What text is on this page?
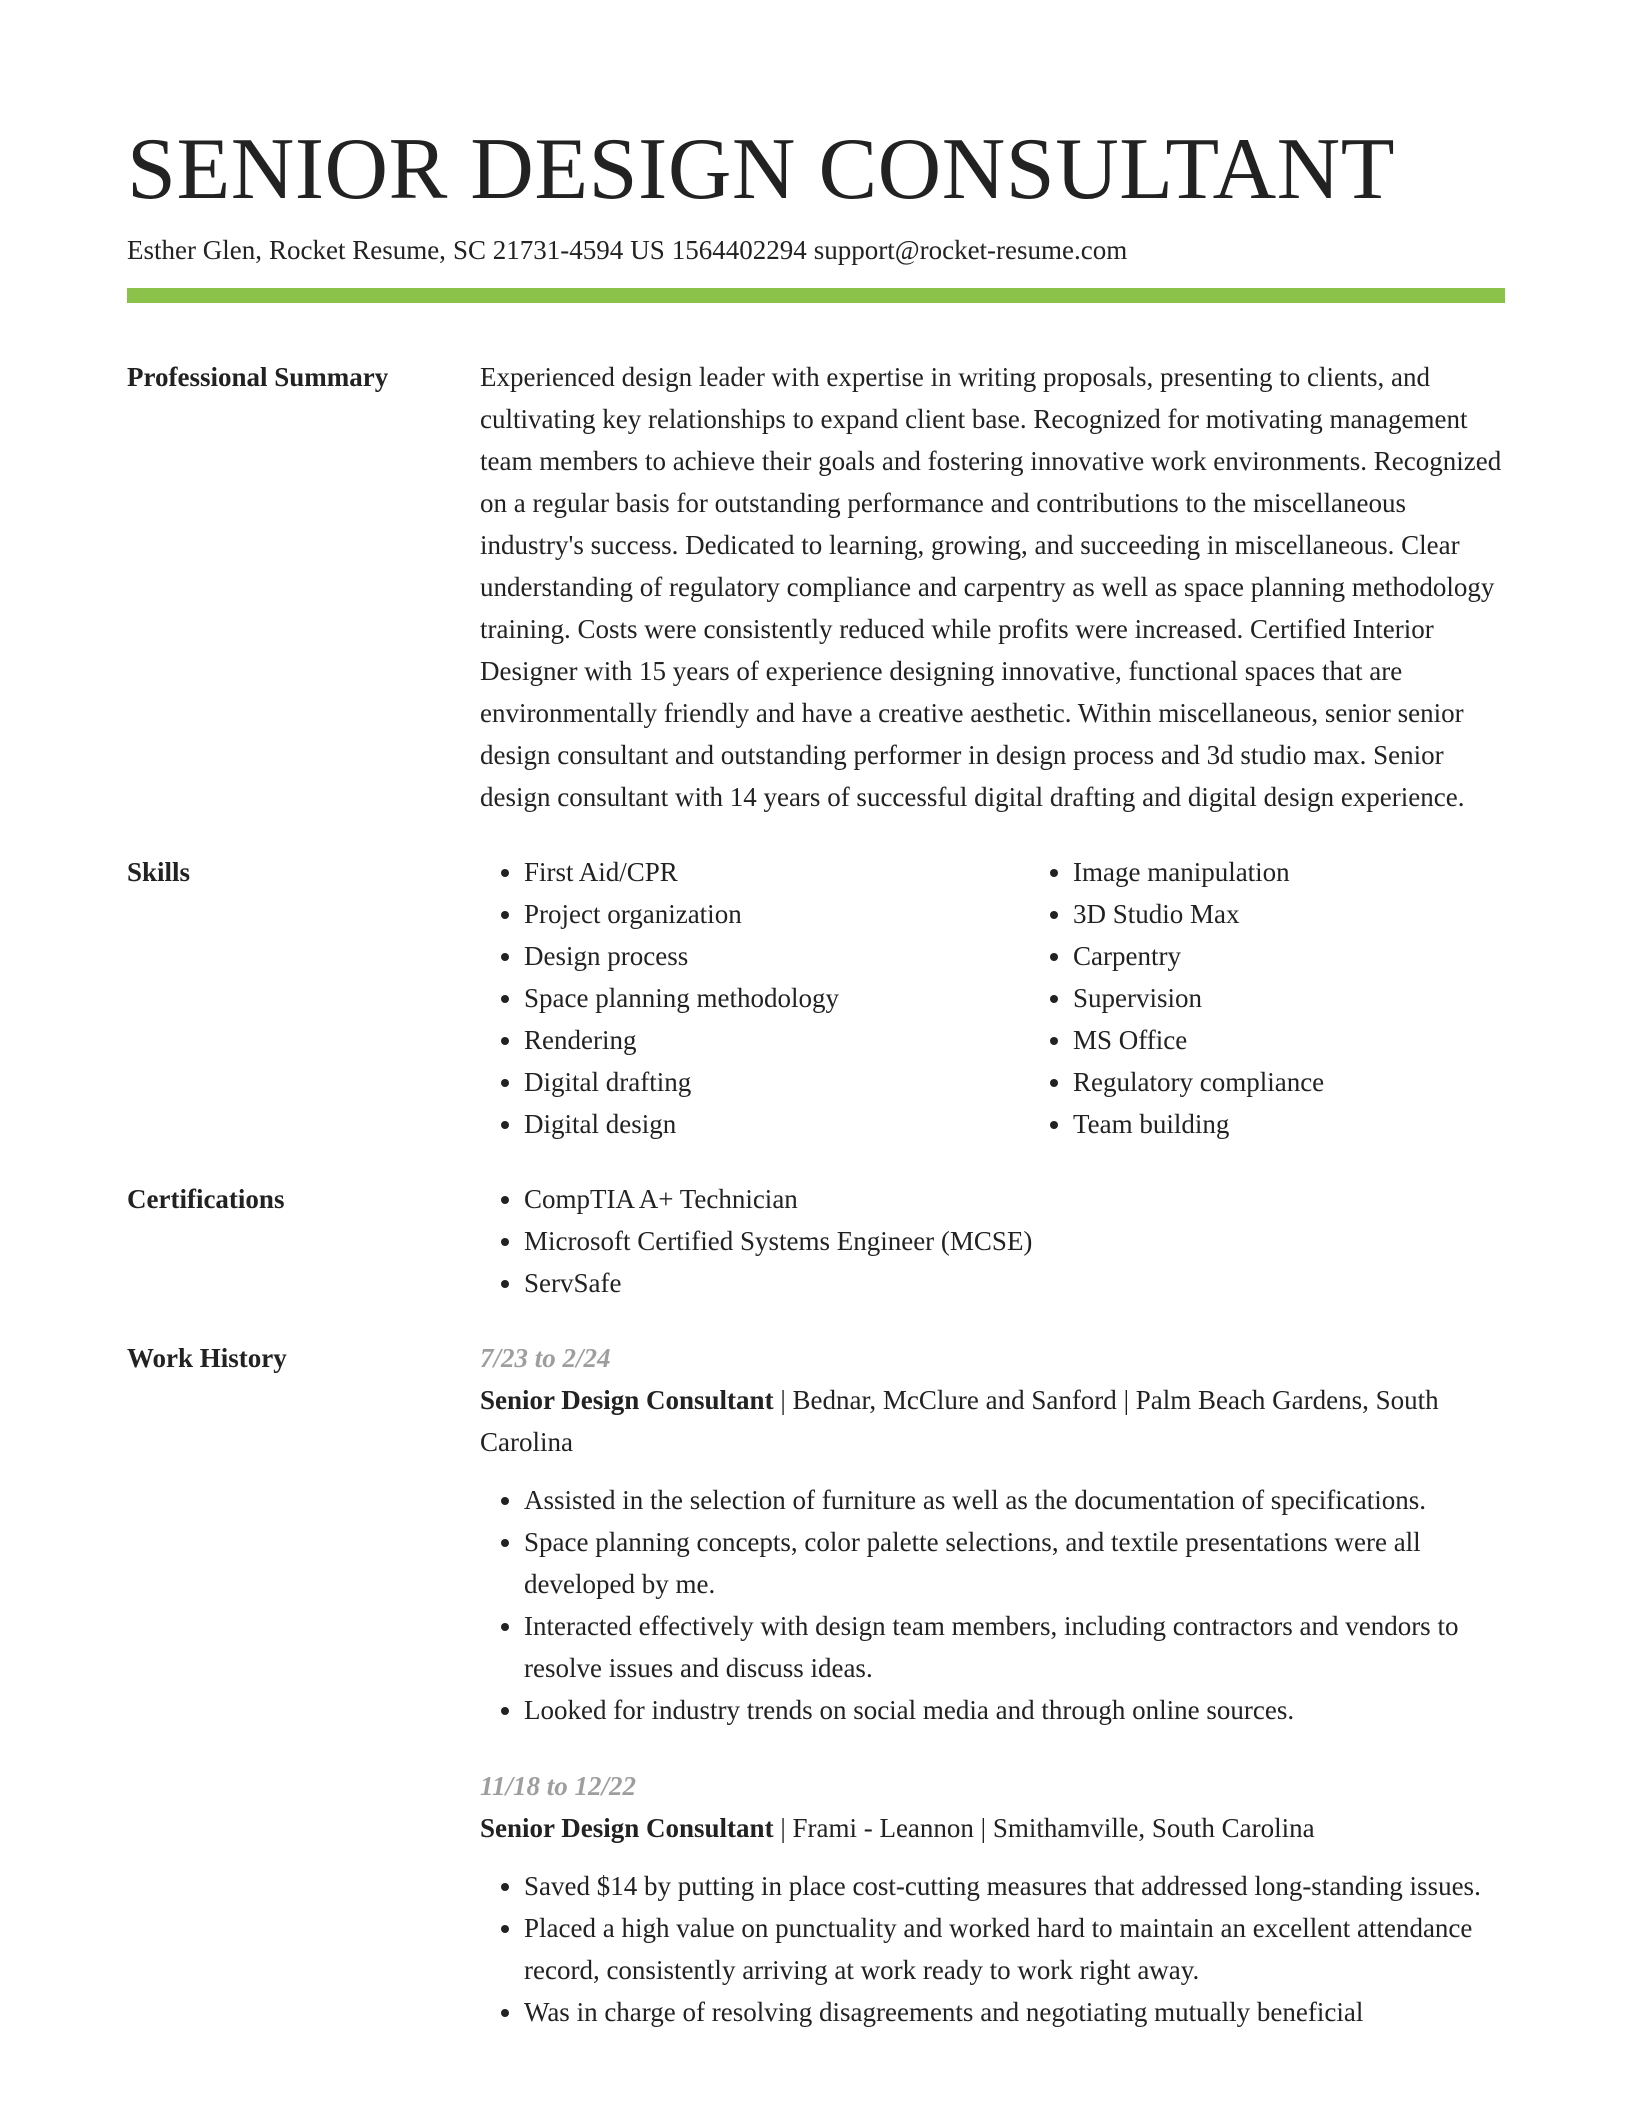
SENIOR DESIGN CONSULTANT
Esther Glen, Rocket Resume, SC 21731-4594 US 1564402294 support@rocket-resume.com
Professional Summary	Experienced design leader with expertise in writing proposals, presenting to clients, and cultivating key relationships to expand client base. Recognized for motivating management team members to achieve their goals and fostering innovative work environments. Recognized on a regular basis for outstanding performance and contributions to the miscellaneous industry's success. Dedicated to learning, growing, and succeeding in miscellaneous. Clear understanding of regulatory compliance and carpentry as well as space planning methodology training. Costs were consistently reduced while profits were increased. Certified Interior Designer with 15 years of experience designing innovative, functional spaces that are environmentally friendly and have a creative aesthetic. Within miscellaneous, senior senior design consultant and outstanding performer in design process and 3d studio max. Senior design consultant with 14 years of successful digital drafting and digital design experience.

Skills	• First Aid/CPR
• Project organization
• Design process
• Space planning methodology
• Rendering
• Digital drafting
• Digital design
• Image manipulation
• 3D Studio Max
• Carpentry
• Supervision
• MS Office
• Regulatory compliance
• Team building
Certifications	• CompTIA A+ Technician
• Microsoft Certified Systems Engineer (MCSE)
• ServSafe
Work History	7/23 to 2/24
Senior Design Consultant | Bednar, McClure and Sanford | Palm Beach Gardens, South Carolina
• Assisted in the selection of furniture as well as the documentation of specifications.
• Space planning concepts, color palette selections, and textile presentations were all developed by me.
• Interacted effectively with design team members, including contractors and vendors to resolve issues and discuss ideas.
• Looked for industry trends on social media and through online sources.
11/18 to 12/22
Senior Design Consultant | Frami - Leannon | Smithamville, South Carolina
• Saved $14 by putting in place cost-cutting measures that addressed long-standing issues.
• Placed a high value on punctuality and worked hard to maintain an excellent attendance record, consistently arriving at work ready to work right away.
• Was in charge of resolving disagreements and negotiating mutually beneficial
